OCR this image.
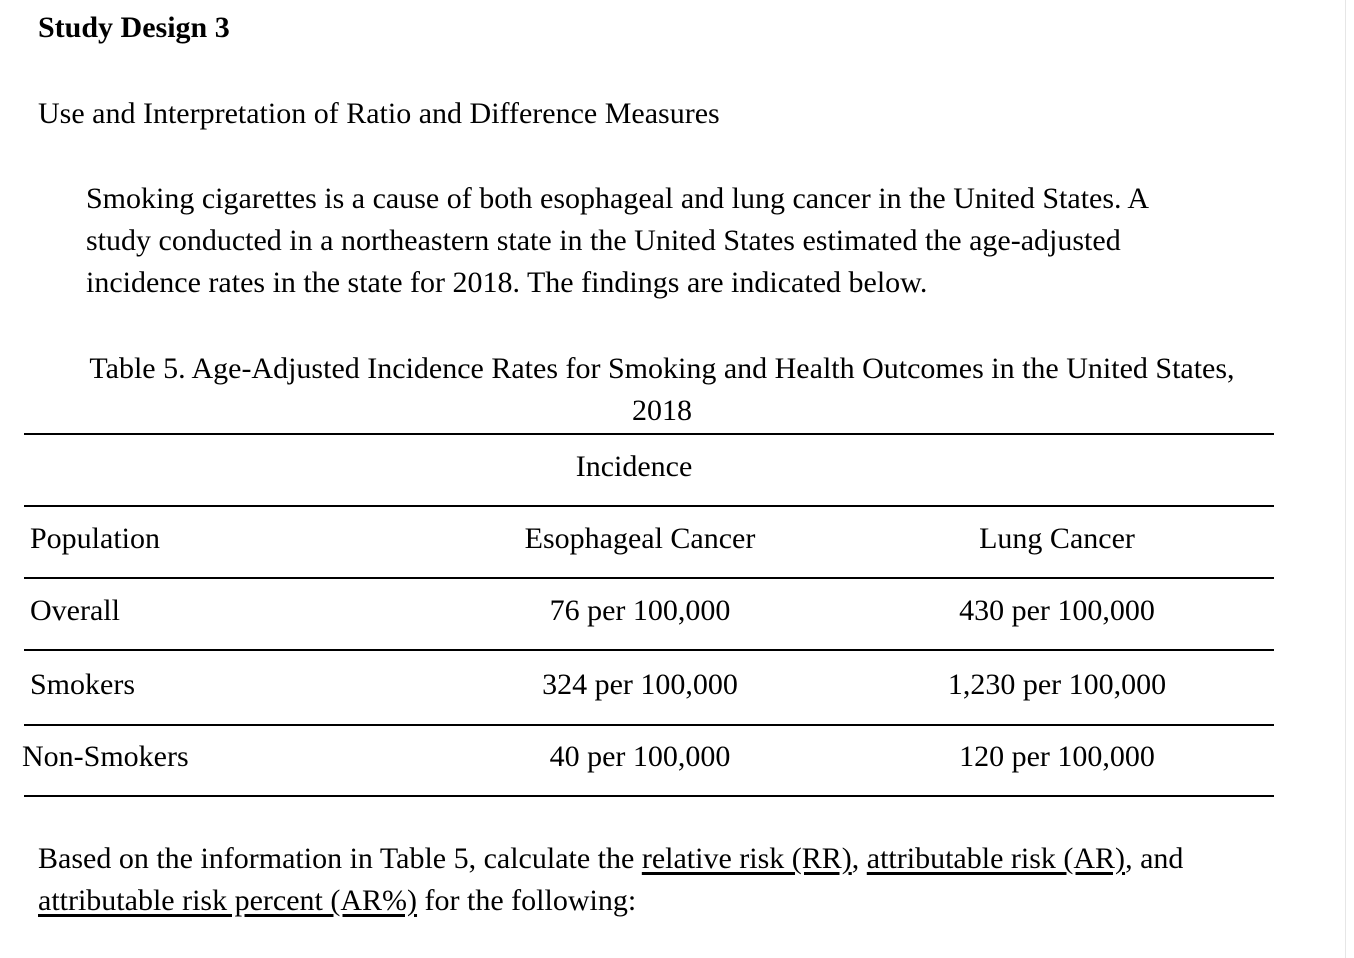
Study Design 3

Use and Interpretation of Ratio and Difference Measures

Smoking cigarettes is a cause of both esophageal and lung cancer in the United States. A
study conducted in a northeastern state in the United States estimated the age-adjusted
incidence rates in the state for 2018. The findings are indicated below.

Table 5. Age-Adjusted Incidence Rates for Smoking and Health Outcomes in the United States,
2018
Incidence
Population	Esophageal Cancer	Lung Cancer
Overall	76 per 100,000	430 per 100,000
Smokers	324 per 100,000	1,230 per 100,000
Non-Smokers	40 per 100,000	120 per 100,000

Based on the information in Table 5, calculate the relative risk (RR), attributable risk (AR), and
attributable risk percent (AR%) for the following:
